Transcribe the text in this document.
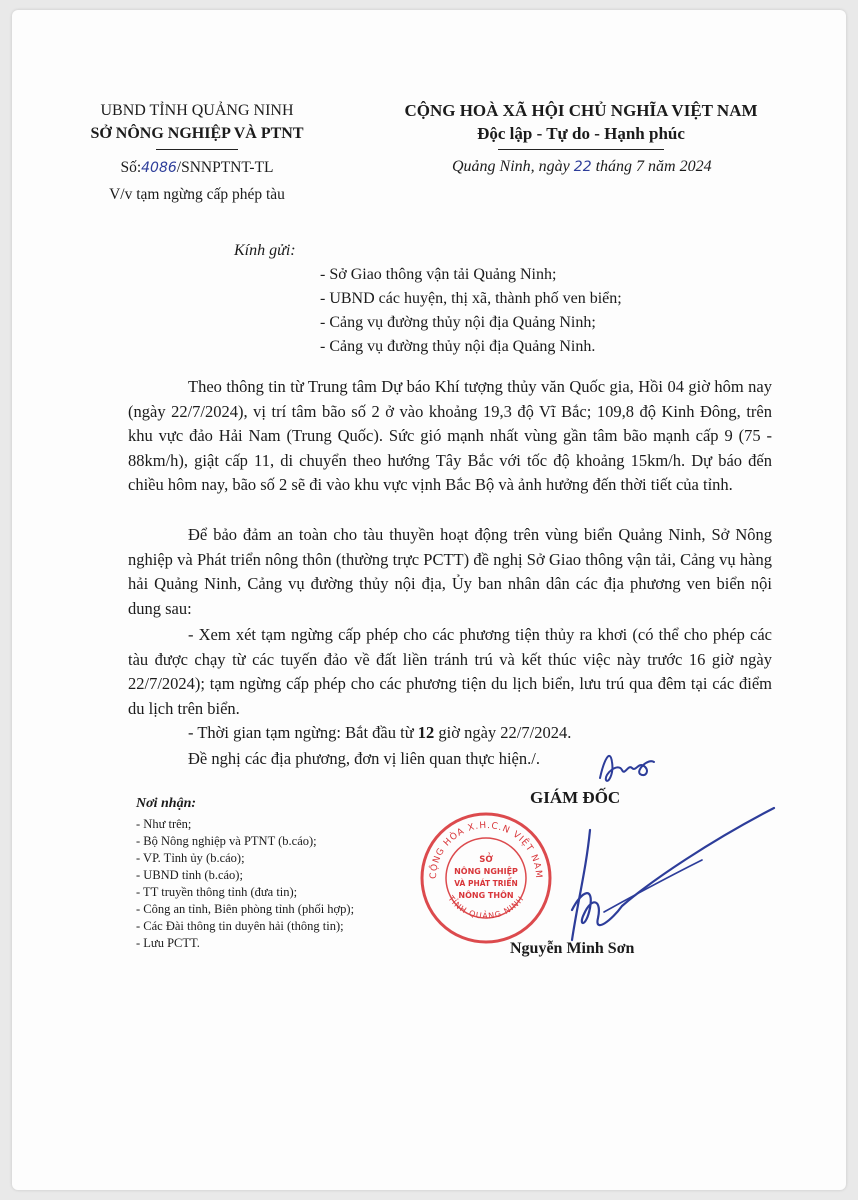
UBND TỈNH QUẢNG NINH
SỞ NÔNG NGHIỆP VÀ PTNT
Số:4086/SNNPTNT-TL
V/v tạm ngừng cấp phép tàu
CỘNG HOÀ XÃ HỘI CHỦ NGHĨA VIỆT NAM
Độc lập - Tự do - Hạnh phúc
Quảng Ninh, ngày 22 tháng 7 năm 2024
Kính gửi:
- Sở Giao thông vận tải Quảng Ninh;
- UBND các huyện, thị xã, thành phố ven biển;
- Cảng vụ đường thủy nội địa Quảng Ninh;
- Cảng vụ đường thủy nội địa Quảng Ninh.
Theo thông tin từ Trung tâm Dự báo Khí tượng thủy văn Quốc gia, Hồi 04 giờ hôm nay (ngày 22/7/2024), vị trí tâm bão số 2 ở vào khoảng 19,3 độ Vĩ Bắc; 109,8 độ Kinh Đông, trên khu vực đảo Hải Nam (Trung Quốc). Sức gió mạnh nhất vùng gần tâm bão mạnh cấp 9 (75 - 88km/h), giật cấp 11, di chuyển theo hướng Tây Bắc với tốc độ khoảng 15km/h. Dự báo đến chiều hôm nay, bão số 2 sẽ đi vào khu vực vịnh Bắc Bộ và ảnh hưởng đến thời tiết của tỉnh.
Để bảo đảm an toàn cho tàu thuyền hoạt động trên vùng biển Quảng Ninh, Sở Nông nghiệp và Phát triển nông thôn (thường trực PCTT) đề nghị Sở Giao thông vận tải, Cảng vụ hàng hải Quảng Ninh, Cảng vụ đường thủy nội địa, Ủy ban nhân dân các địa phương ven biển nội dung sau:
- Xem xét tạm ngừng cấp phép cho các phương tiện thủy ra khơi (có thể cho phép các tàu được chạy từ các tuyến đảo về đất liền tránh trú và kết thúc việc này trước 16 giờ ngày 22/7/2024); tạm ngừng cấp phép cho các phương tiện du lịch biển, lưu trú qua đêm tại các điểm du lịch trên biển.
- Thời gian tạm ngừng: Bắt đầu từ 12 giờ ngày 22/7/2024.
Đề nghị các địa phương, đơn vị liên quan thực hiện./.
Nơi nhận:
- Như trên;
- Bộ Nông nghiệp và PTNT (b.cáo);
- VP. Tỉnh ủy (b.cáo);
- UBND tỉnh (b.cáo);
- TT truyền thông tỉnh (đưa tin);
- Công an tỉnh, Biên phòng tỉnh (phối hợp);
- Các Đài thông tin duyên hải (thông tin);
- Lưu PCTT.
GIÁM ĐỐC
CỘNG HÒA X.H.C.N VIỆT NAM
TỈNH QUẢNG NINH
SỞ
NÔNG NGHIỆP
VÀ PHÁT TRIỂN
NÔNG THÔN
Nguyễn Minh Sơn
